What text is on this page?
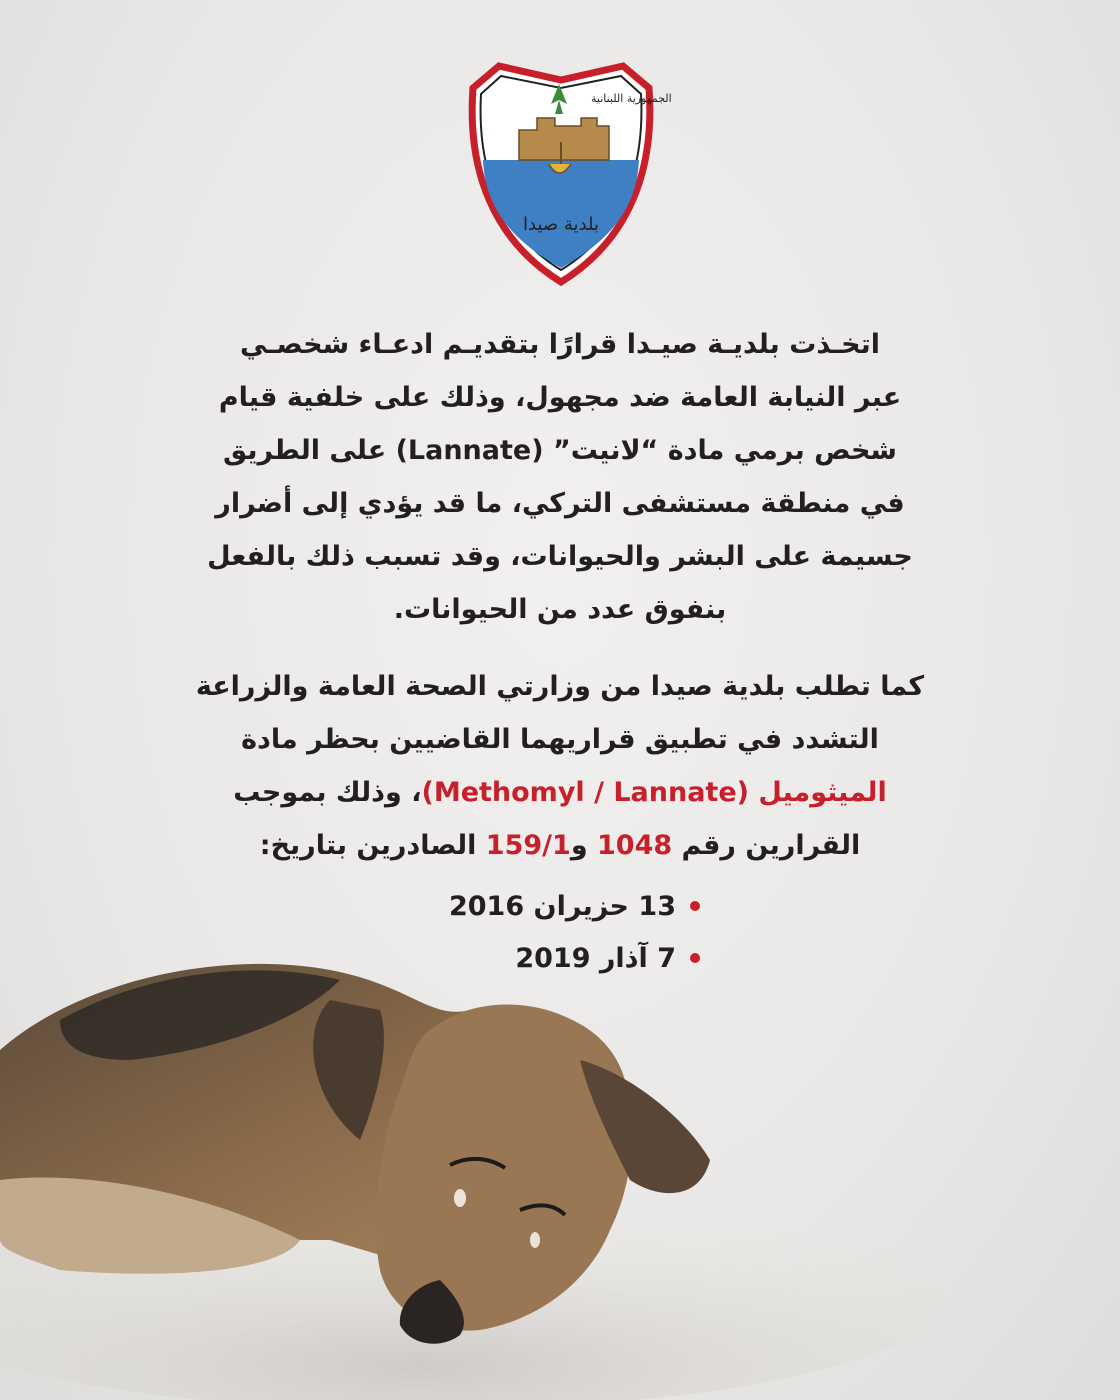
الجمهورية اللبنانية
بلدية صيدا
اتخـذت بلديـة صيـدا قرارًا بتقديـم ادعـاء شخصـي
عبر النيابة العامة ضد مجهول، وذلك على خلفية قيام
شخص برمي مادة “لانيت” (Lannate) على الطريق
في منطقة مستشفى التركي، ما قد يؤدي إلى أضرار
جسيمة على البشر والحيوانات، وقد تسبب ذلك بالفعل
بنفوق عدد من الحيوانات.
كما تطلب بلدية صيدا من وزارتي الصحة العامة والزراعة
التشدد في تطبيق قراريهما القاضيين بحظر مادة
الميثوميل (Methomyl / Lannate)، وذلك بموجب
القرارين رقم 1048 و159/1 الصادرين بتاريخ:
13 حزيران 2016
7 آذار 2019
